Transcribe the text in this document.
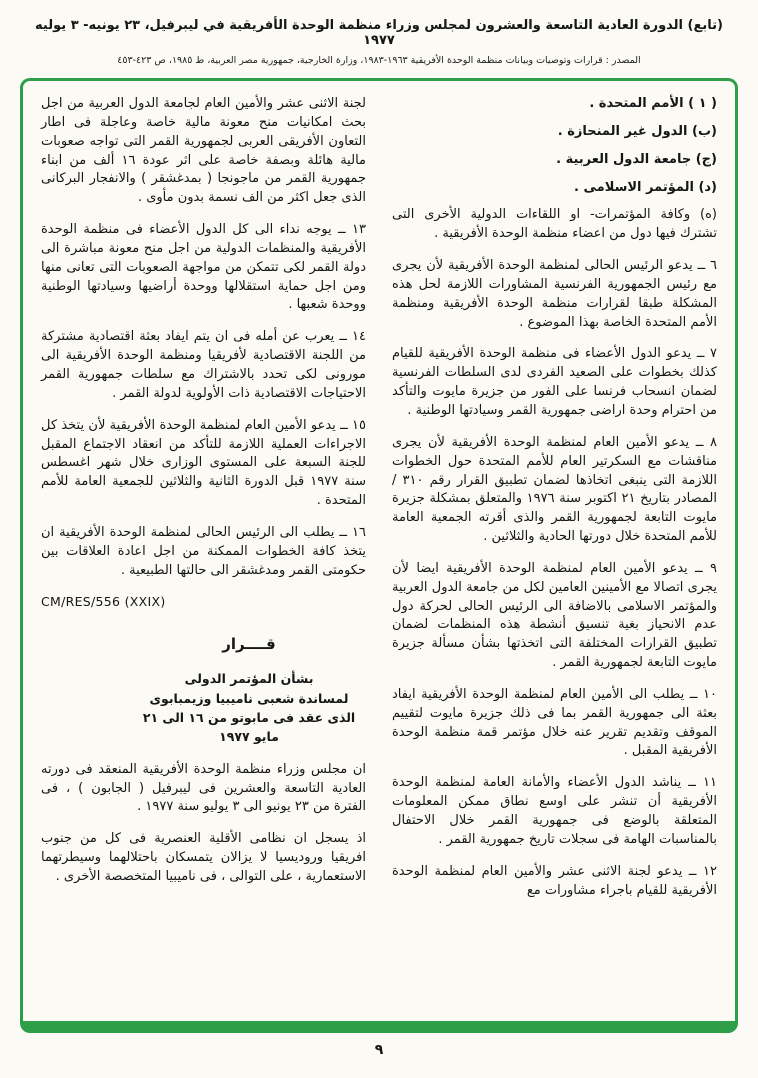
(تابع) الدورة العادية التاسعة والعشرون لمجلس وزراء منظمة الوحدة الأفريقية في ليبرفيل، ٢٣ يونيه- ٣ يوليه ١٩٧٧
المصدر : قرارات وتوصيات وبيانات منظمة الوحدة الأفريقية ١٩٦٣-١٩٨٣، وزارة الخارجية، جمهورية مصر العربية، ط ١٩٨٥، ص ٤٢٣-٤٥٣

( ١ ) الأمم المتحدة .

(ب) الدول غير المنحازة .

(ج) جامعة الدول العربية .

(د) المؤتمر الاسلامى .

(ه) وكافة المؤتمرات- او اللقاءات الدولية الأخرى التى تشترك فيها دول من اعضاء منظمة الوحدة الأفريقية .

٦ ــ يدعو الرئيس الحالى لمنظمة الوحدة الأفريقية لأن يجرى مع رئيس الجمهورية الفرنسية المشاورات اللازمة لحل هذه المشكلة طبقا لقرارات منظمة الوحدة الأفريقية ومنظمة الأمم المتحدة الخاصة بهذا الموضوع .

٧ ــ يدعو الدول الأعضاء فى منظمة الوحدة الأفريقية للقيام كذلك بخطوات على الصعيد الفردى لدى السلطات الفرنسية لضمان انسحاب فرنسا على الفور من جزيرة مايوت والتأكد من احترام وحدة اراضى جمهورية القمر وسيادتها الوطنية .

٨ ــ يدعو الأمين العام لمنظمة الوحدة الأفريقية لأن يجرى مناقشات مع السكرتير العام للأمم المتحدة حول الخطوات اللازمة التى ينبغى اتخاذها لضمان تطبيق القرار رقم ٣١٠ / المصادر بتاريخ ٢١ اكتوبر سنة ١٩٧٦ والمتعلق بمشكلة جزيرة مايوت التابعة لجمهورية القمر والذى أقرته الجمعية العامة للأمم المتحدة خلال دورتها الحادية والثلاثين .

٩ ــ يدعو الأمين العام لمنظمة الوحدة الأفريقية ايضا لأن يجرى اتصالا مع الأمينين العامين لكل من جامعة الدول العربية والمؤتمر الاسلامى بالاضافة الى الرئيس الحالى لحركة دول عدم الانحياز بغية تنسيق أنشطة هذه المنظمات لضمان تطبيق القرارات المختلفة التى اتخذتها بشأن مسألة جزيرة مايوت التابعة لجمهورية القمر .

١٠ ــ يطلب الى الأمين العام لمنظمة الوحدة الأفريقية ايفاد بعثة الى جمهورية القمر بما فى ذلك جزيرة مايوت لتقييم الموقف وتقديم تقرير عنه خلال مؤتمر قمة منظمة الوحدة الأفريقية المقبل .

١١ ــ يناشد الدول الأعضاء والأمانة العامة لمنظمة الوحدة الأفريقية أن تنشر على اوسع نطاق ممكن المعلومات المتعلقة بالوضع فى جمهورية القمر خلال الاحتفال بالمناسبات الهامة فى سجلات تاريخ جمهورية القمر .

١٢ ــ يدعو لجنة الاثنى عشر والأمين العام لمنظمة الوحدة الأفريقية للقيام باجراء مشاورات مع

لجنة الاثنى عشر والأمين العام لجامعة الدول العربية من اجل بحث امكانيات منح معونة مالية خاصة وعاجلة فى اطار التعاون الأفريقى العربى لجمهورية القمر التى تواجه صعوبات مالية هائلة وبصفة خاصة على اثر عودة ١٦ ألف من ابناء جمهورية القمر من ماجونجا ( بمدغشقر ) والانفجار البركانى الذى جعل اكثر من الف نسمة بدون مأوى .

١٣ ــ يوجه نداء الى كل الدول الأعضاء فى منظمة الوحدة الأفريقية والمنظمات الدولية من اجل منح معونة مباشرة الى دولة القمر لكى تتمكن من مواجهة الصعوبات التى تعانى منها ومن اجل حماية استقلالها ووحدة أراضيها وسيادتها الوطنية ووحدة شعبها .

١٤ ــ يعرب عن أمله فى ان يتم ايفاد بعثة اقتصادية مشتركة من اللجنة الاقتصادية لأفريقيا ومنظمة الوحدة الأفريقية الى مورونى لكى تحدد بالاشتراك مع سلطات جمهورية القمر الاحتياجات الاقتصادية ذات الأولوية لدولة القمر .

١٥ ــ يدعو الأمين العام لمنظمة الوحدة الأفريقية لأن يتخذ كل الاجراءات العملية اللازمة للتأكد من انعقاد الاجتماع المقبل للجنة السبعة على المستوى الوزارى خلال شهر اغسطس سنة ١٩٧٧ قبل الدورة الثانية والثلاثين للجمعية العامة للأمم المتحدة .

١٦ ــ يطلب الى الرئيس الحالى لمنظمة الوحدة الأفريقية ان يتخذ كافة الخطوات الممكنة من اجل اعادة العلاقات بين حكومتى القمر ومدغشقر الى حالتها الطبيعية .

CM/RES/556 (XXIX)

قــــرار
بشأن المؤتمر الدولى
لمساندة شعبى ناميبيا وزيمبابوى
الذى عقد فى مابوتو من ١٦ الى ٢١ مايو ١٩٧٧

ان مجلس وزراء منظمة الوحدة الأفريقية المنعقد فى دورته العادية التاسعة والعشرين فى ليبرفيل ( الجابون ) ، فى الفترة من ٢٣ يونيو الى ٣ يوليو سنة ١٩٧٧ .

اذ يسجل ان نظامى الأقلية العنصرية فى كل من جنوب افريقيا وروديسيا لا يزالان يتمسكان باحتلالهما وسيطرتهما الاستعمارية ، على التوالى ، فى ناميبيا المتخصصة الأخرى .

٩
